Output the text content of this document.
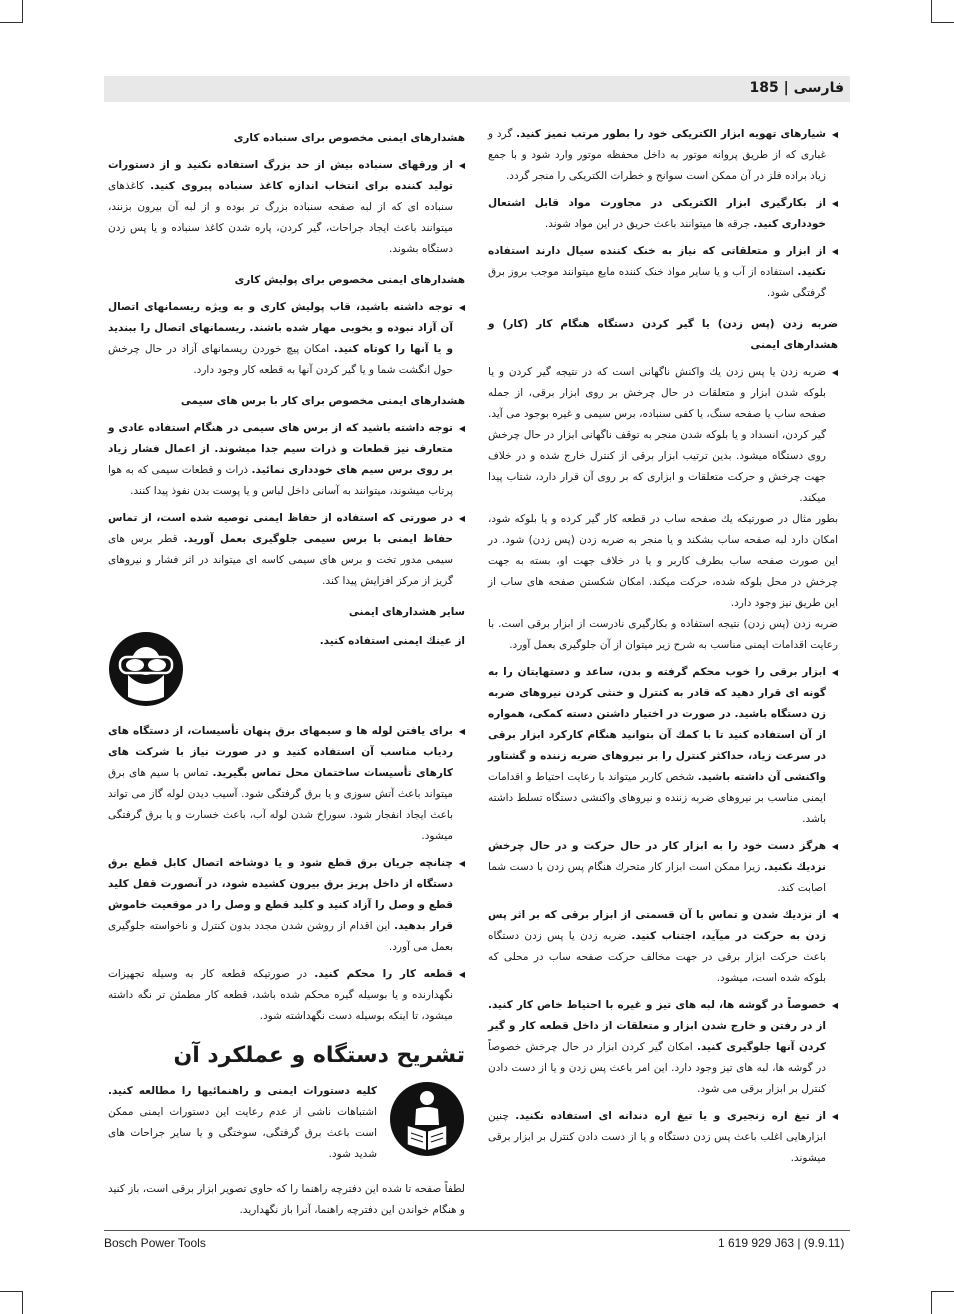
فارسی | 185

◀ شیارهای تهویه ابزار الکتریکی خود را بطور مرتب تمیز کنید. گرد و غباری که از طریق پروانه موتور به داخل محفظه موتور وارد شود و با جمع زیاد براده فلز در آن ممکن است سوانح و خطرات الکتریکی را منجر گردد.

◀ از بکارگیری ابزار الکتریکی در مجاورت مواد قابل اشتعال خودداری کنید. جرقه ها میتوانند باعث حریق در این مواد شوند.

◀ از ابزار و متعلقاتی که نیاز به خنک کننده سیال دارند استفاده نکنید. استفاده از آب و یا سایر مواد خنک کننده مایع میتوانند موجب بروز برق گرفتگی شود.

ضربه زدن (پس زدن) یا گیر کردن دستگاه هنگام کار (کار) و هشدارهای ایمنی

◀ ضربه زدن یا پس زدن یك واکنش ناگهانی است که در نتیجه گیر کردن و یا بلوکه شدن ابزار و متعلقات در حال چرخش بر روی ابزار برقی، از جمله صفحه ساب یا صفحه سنگ، یا کفی سنباده، برس سیمی و غیره بوجود می آید. گیر کردن، انسداد و یا بلوکه شدن منجر به توقف ناگهانی ابزار در حال چرخش روی دستگاه میشود. بدین ترتیب ابزار برقی از کنترل خارج شده و در خلاف جهت چرخش و حرکت متعلقات و ابزاری که بر روی آن قرار دارد، شتاب پیدا میکند.

بطور مثال در صورتیکه یك صفحه ساب در قطعه کار گیر کرده و یا بلوکه شود، امکان دارد لبه صفحه ساب بشکند و یا منجر به ضربه زدن (پس زدن) شود. در این صورت صفحه ساب بطرف کاربر و یا در خلاف جهت او، بسته به جهت چرخش در محل بلوکه شده، حرکت میکند. امکان شکستن صفحه های ساب از این طریق نیز وجود دارد.

ضربه زدن (پس زدن) نتیجه استفاده و بکارگیری نادرست از ابزار برقی است. با رعایت اقدامات ایمنی مناسب به شرح زیر میتوان از آن جلوگیری بعمل آورد.

◀ ابزار برقی را خوب محکم گرفته و بدن، ساعد و دستهایتان را به گونه ای قرار دهید که قادر به کنترل و خنثی کردن نیروهای ضربه زن دستگاه باشید. در صورت در اختیار داشتن دسته کمکی، همواره از آن استفاده کنید تا با کمك آن بتوانید هنگام کارکرد ابزار برقی در سرعت زیاد، حداکثر کنترل را بر نیروهای ضربه زننده و گشتاور واکنشی آن داشته باشید. شخص کاربر میتواند با رعایت احتیاط و اقدامات ایمنی مناسب بر نیروهای ضربه زننده و نیروهای واکنشی دستگاه تسلط داشته باشد.

◀ هرگز دست خود را به ابزار کار در حال حرکت و در حال چرخش نزدیك نکنید. زیرا ممکن است ابزار کار متحرك هنگام پس زدن با دست شما اصابت کند.

◀ از نزدیك شدن و تماس با آن قسمتی از ابزار برقی که بر اثر پس زدن به حرکت در میآید، اجتناب کنید. ضربه زدن یا پس زدن دستگاه باعث حرکت ابزار برقی در جهت مخالف حرکت صفحه ساب در محلی که بلوکه شده است، میشود.

◀ خصوصاً در گوشه ها، لبه های تیز و غیره با احتیاط خاص کار کنید. از در رفتن و خارج شدن ابزار و متعلقات از داخل قطعه کار و گیر کردن آنها جلوگیری کنید. امکان گیر کردن ابزار در حال چرخش خصوصاً در گوشه ها، لبه های تیز وجود دارد. این امر باعث پس زدن و یا از دست دادن کنترل بر ابزار برقی می شود.

◀ از تیغ اره زنجیری و یا تیغ اره دندانه ای استفاده نکنید. چنین ابزارهایی اغلب باعث پس زدن دستگاه و یا از دست دادن کنترل بر ابزار برقی میشوند.

هشدارهای ایمنی مخصوص برای سنباده کاری

◀ از ورقهای سنباده بیش از حد بزرگ استفاده نکنید و از دستورات تولید کننده برای انتخاب اندازه کاغذ سنباده پیروی کنید. کاغذهای سنباده ای که از لبه صفحه سنباده بزرگ تر بوده و از لبه آن بیرون بزنند، میتوانند باعث ایجاد جراحات، گیر کردن، پاره شدن کاغذ سنباده و یا پس زدن دستگاه بشوند.

هشدارهای ایمنی مخصوص برای پولیش کاری

◀ توجه داشته باشید، قاب پولیش کاری و به ویژه ریسمانهای اتصال آن آزاد نبوده و بخوبی مهار شده باشند. ریسمانهای اتصال را ببندید و یا آنها را کوتاه کنید. امکان پیچ خوردن ریسمانهای آزاد در حال چرخش حول انگشت شما و یا گیر کردن آنها به قطعه کار وجود دارد.

هشدارهای ایمنی مخصوص برای کار با برس های سیمی

◀ توجه داشته باشید که از برس های سیمی در هنگام استفاده عادی و متعارف نیز قطعات و ذرات سیم جدا میشوند. از اعمال فشار زیاد بر روی برس سیم های خودداری نمائید. ذرات و قطعات سیمی که به هوا پرتاب میشوند، میتوانند به آسانی داخل لباس و یا پوست بدن نفوذ پیدا کنند.

◀ در صورتی که استفاده از حفاظ ایمنی توصیه شده است، از تماس حفاظ ایمنی با برس سیمی جلوگیری بعمل آورید. قطر برس های سیمی مدور تخت و برس های سیمی کاسه ای میتواند در اثر فشار و نیروهای گریز از مرکز افزایش پیدا کند.

سایر هشدارهای ایمنی

از عینك ایمنی استفاده کنید.

◀ برای یافتن لوله ها و سیمهای برق پنهان تأسیسات، از دستگاه های ردیاب مناسب آن استفاده کنید و در صورت نیاز با شرکت های کارهای تأسیسات ساختمان محل تماس بگیرید. تماس با سیم های برق میتواند باعث آتش سوزی و یا برق گرفتگی شود. آسیب دیدن لوله گاز می تواند باعث ایجاد انفجار شود. سوراخ شدن لوله آب، باعث خسارت و یا برق گرفتگی میشود.

◀ چنانچه جریان برق قطع شود و یا دوشاخه اتصال کابل قطع برق دستگاه از داخل پریز برق بیرون کشیده شود، در آنصورت قفل کلید قطع و وصل را آزاد کنید و کلید قطع و وصل را در موقعیت خاموش قرار بدهید. این اقدام از روشن شدن مجدد بدون کنترل و ناخواسته جلوگیری بعمل می آورد.

◀ قطعه کار را محکم کنید. در صورتیکه قطعه کار به وسیله تجهیزات نگهدارنده و یا بوسیله گیره محکم شده باشد، قطعه کار مطمئن تر نگه داشته میشود، تا اینکه بوسیله دست نگهداشته شود.

تشریح دستگاه و عملکرد آن
کلیه دستورات ایمنی و راهنمائیها را مطالعه کنید. اشتباهات ناشی از عدم رعایت این دستورات ایمنی ممکن است باعث برق گرفتگی، سوختگی و یا سایر جراحات های شدید شود.

لطفاً صفحه تا شده این دفترچه راهنما را که حاوی تصویر ابزار برقی است، باز کنید و هنگام خواندن این دفترچه راهنما، آنرا باز نگهدارید.

Bosch Power Tools	1 619 929 J63 | (9.9.11)
